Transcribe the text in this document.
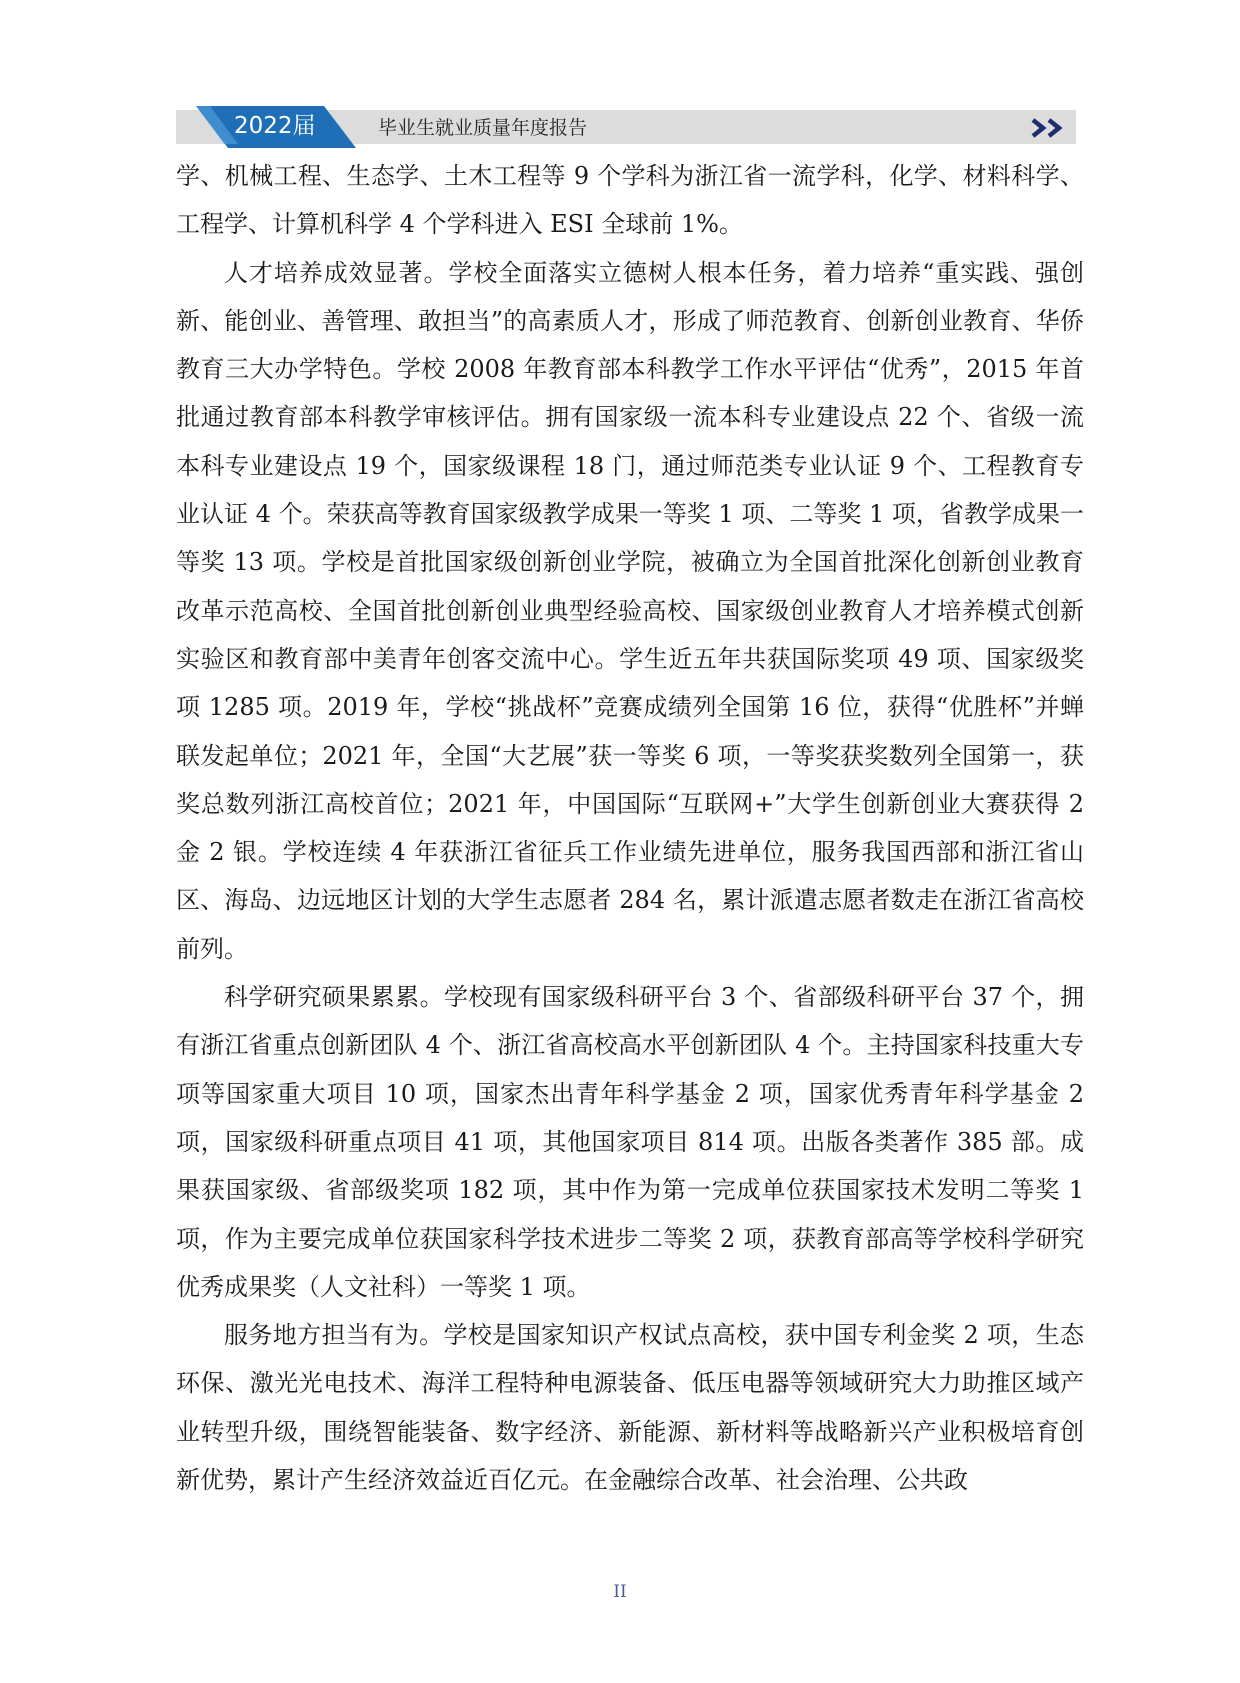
2022届	毕业生就业质量年度报告

学、机械工程、生态学、土木工程等 9 个学科为浙江省一流学科，化学、材料科学、工程学、计算机科学 4 个学科进入 ESI 全球前 1%。

人才培养成效显著。学校全面落实立德树人根本任务，着力培养“重实践、强创新、能创业、善管理、敢担当”的高素质人才，形成了师范教育、创新创业教育、华侨教育三大办学特色。学校 2008 年教育部本科教学工作水平评估“优秀”，2015 年首批通过教育部本科教学审核评估。拥有国家级一流本科专业建设点 22 个、省级一流本科专业建设点 19 个，国家级课程 18 门，通过师范类专业认证 9 个、工程教育专业认证 4 个。荣获高等教育国家级教学成果一等奖 1 项、二等奖 1 项，省教学成果一等奖 13 项。学校是首批国家级创新创业学院，被确立为全国首批深化创新创业教育改革示范高校、全国首批创新创业典型经验高校、国家级创业教育人才培养模式创新实验区和教育部中美青年创客交流中心。学生近五年共获国际奖项 49 项、国家级奖项 1285 项。2019 年，学校“挑战杯”竞赛成绩列全国第 16 位，获得“优胜杯”并蝉联发起单位；2021 年，全国“大艺展”获一等奖 6 项，一等奖获奖数列全国第一，获奖总数列浙江高校首位；2021 年，中国国际“互联网+”大学生创新创业大赛获得 2 金 2 银。学校连续 4 年获浙江省征兵工作业绩先进单位，服务我国西部和浙江省山区、海岛、边远地区计划的大学生志愿者 284 名，累计派遣志愿者数走在浙江省高校前列。

科学研究硕果累累。学校现有国家级科研平台 3 个、省部级科研平台 37 个，拥有浙江省重点创新团队 4 个、浙江省高校高水平创新团队 4 个。主持国家科技重大专项等国家重大项目 10 项，国家杰出青年科学基金 2 项，国家优秀青年科学基金 2 项，国家级科研重点项目 41 项，其他国家项目 814 项。出版各类著作 385 部。成果获国家级、省部级奖项 182 项，其中作为第一完成单位获国家技术发明二等奖 1 项，作为主要完成单位获国家科学技术进步二等奖 2 项，获教育部高等学校科学研究优秀成果奖（人文社科）一等奖 1 项。

服务地方担当有为。学校是国家知识产权试点高校，获中国专利金奖 2 项，生态环保、激光光电技术、海洋工程特种电源装备、低压电器等领域研究大力助推区域产业转型升级，围绕智能装备、数字经济、新能源、新材料等战略新兴产业积极培育创新优势，累计产生经济效益近百亿元。在金融综合改革、社会治理、公共政

II
